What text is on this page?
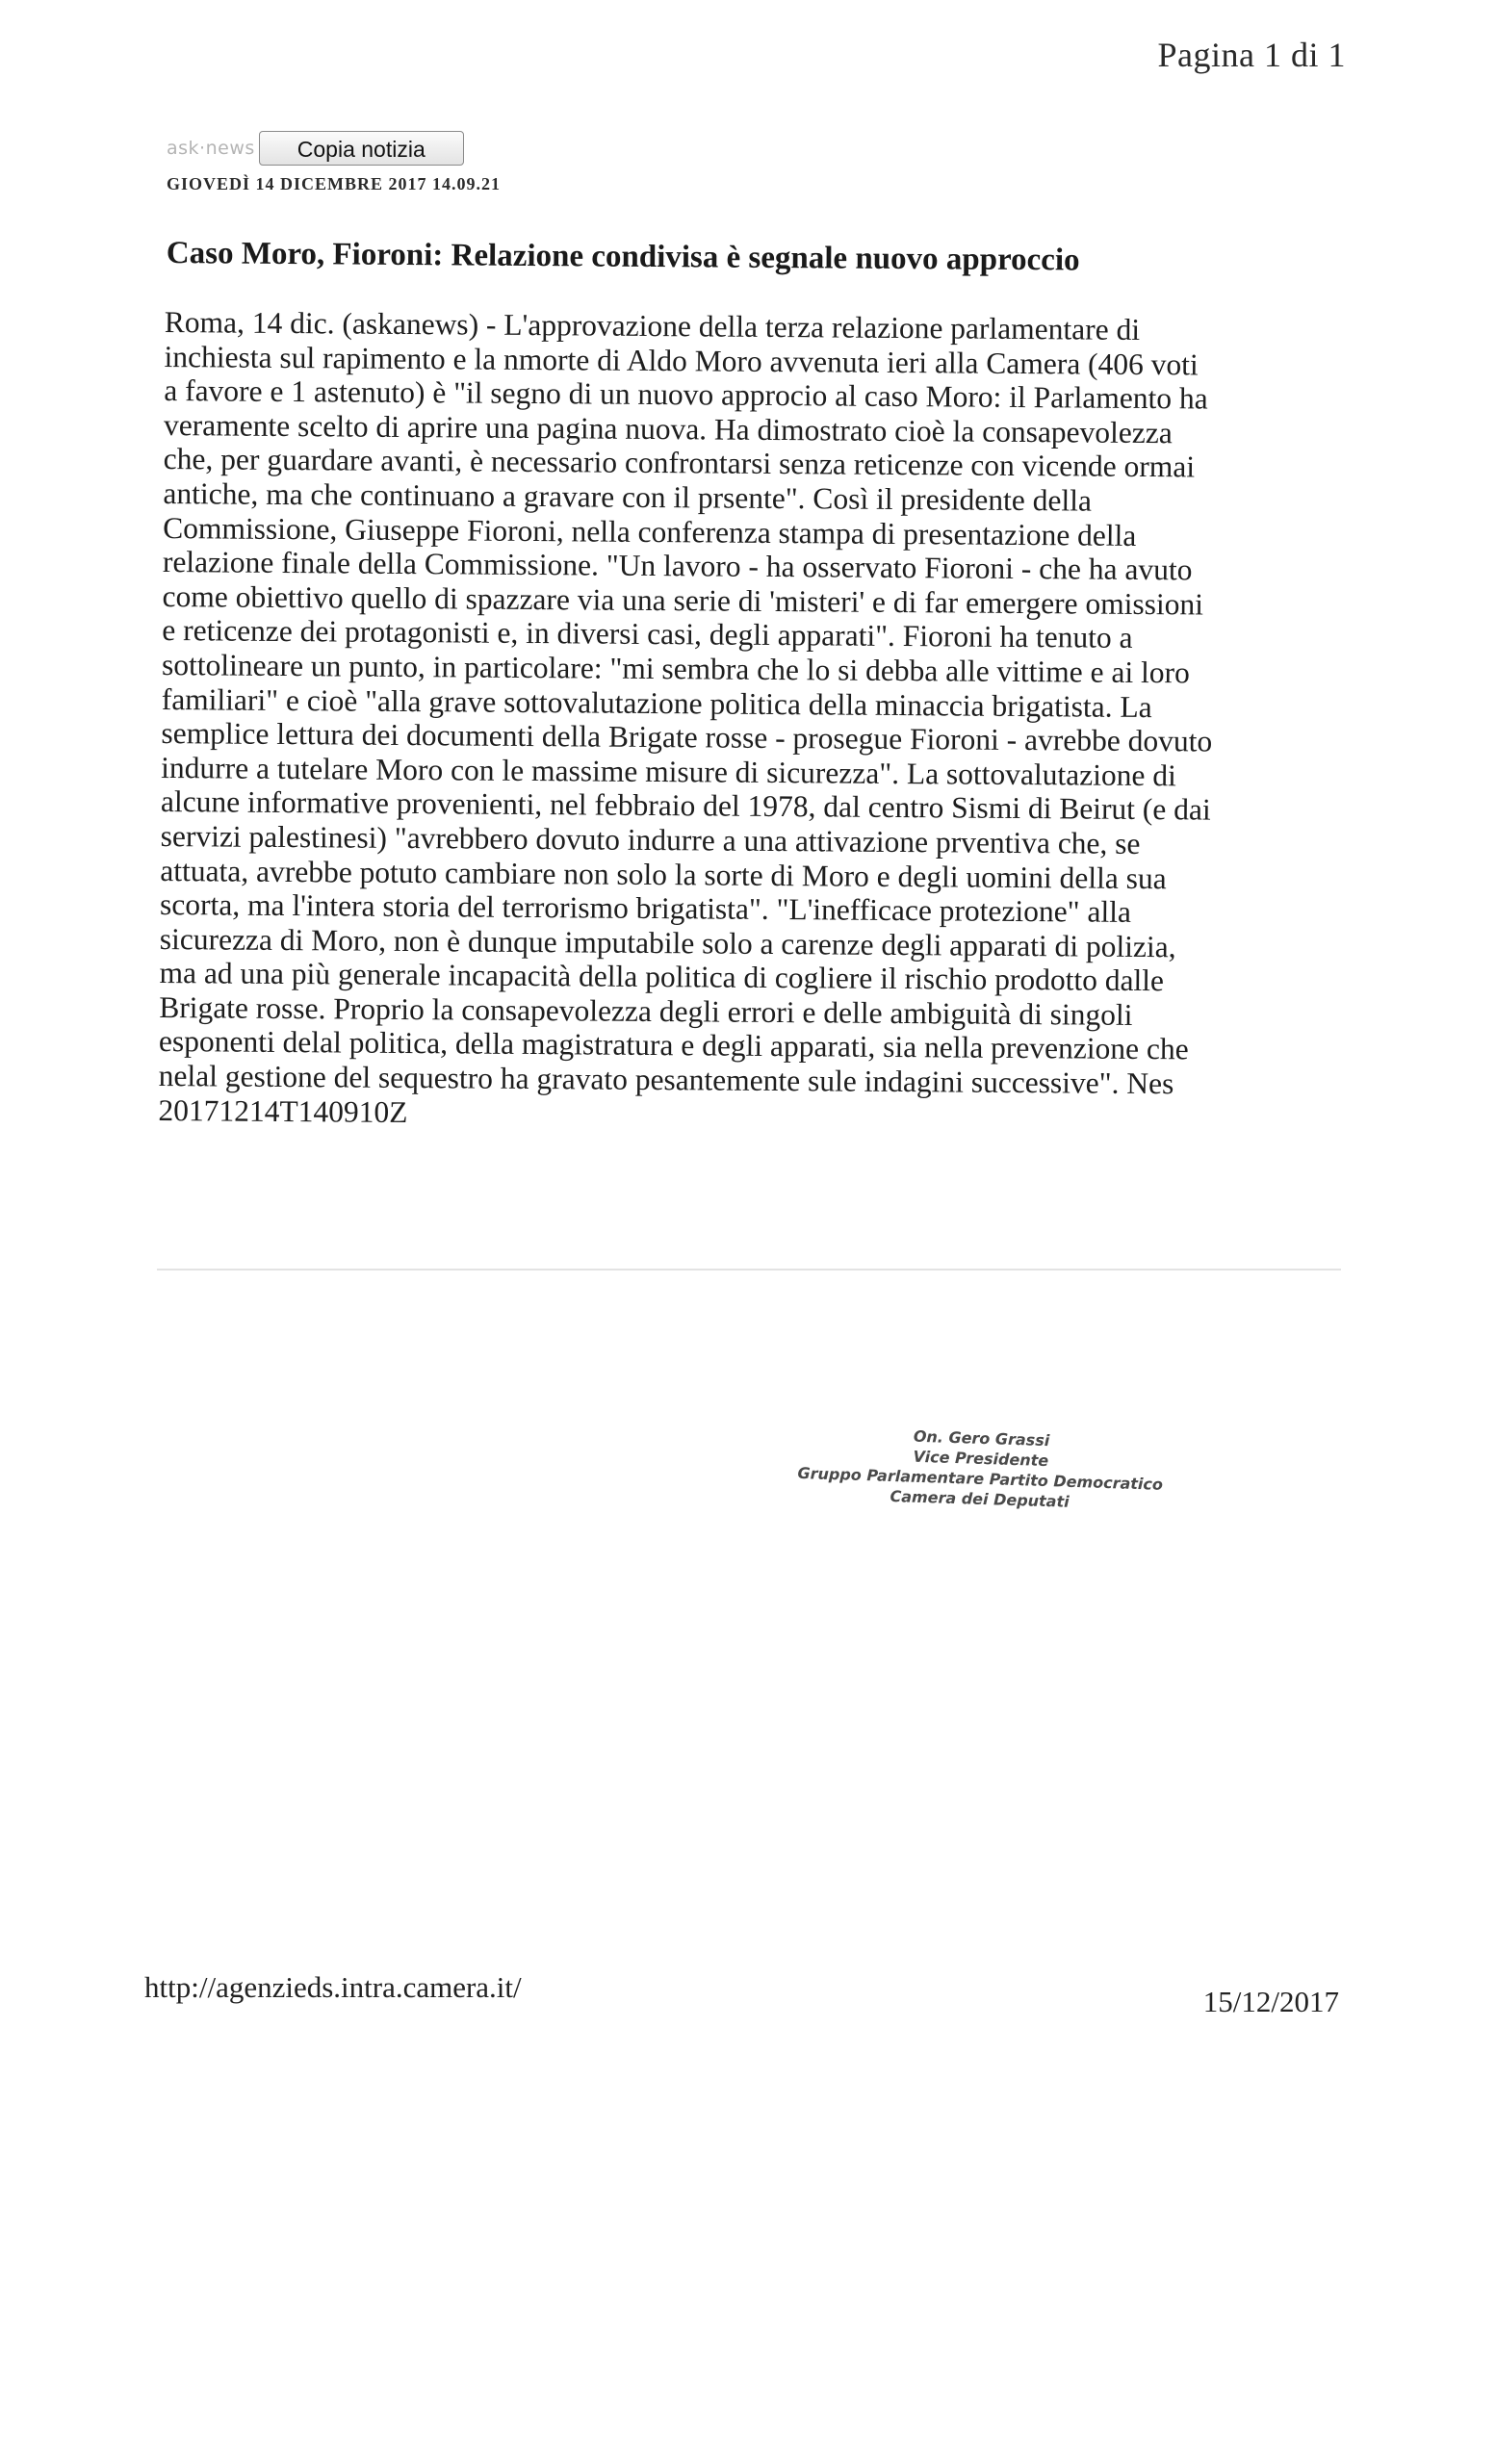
Pagina 1 di 1
ask·news	Copia notizia
GIOVEDÌ 14 DICEMBRE 2017 14.09.21
Caso Moro, Fioroni: Relazione condivisa è segnale nuovo approccio
Roma, 14 dic. (askanews) - L'approvazione della terza relazione parlamentare di
inchiesta sul rapimento e la nmorte di Aldo Moro avvenuta ieri alla Camera (406 voti
a favore e 1 astenuto) è "il segno di un nuovo approcio al caso Moro: il Parlamento ha
veramente scelto di aprire una pagina nuova. Ha dimostrato cioè la consapevolezza
che, per guardare avanti, è necessario confrontarsi senza reticenze con vicende ormai
antiche, ma che continuano a gravare con il prsente". Così il presidente della
Commissione, Giuseppe Fioroni, nella conferenza stampa di presentazione della
relazione finale della Commissione. "Un lavoro - ha osservato Fioroni - che ha avuto
come obiettivo quello di spazzare via una serie di 'misteri' e di far emergere omissioni
e reticenze dei protagonisti e, in diversi casi, degli apparati". Fioroni ha tenuto a
sottolineare un punto, in particolare: "mi sembra che lo si debba alle vittime e ai loro
familiari" e cioè "alla grave sottovalutazione politica della minaccia brigatista. La
semplice lettura dei documenti della Brigate rosse - prosegue Fioroni - avrebbe dovuto
indurre a tutelare Moro con le massime misure di sicurezza". La sottovalutazione di
alcune informative provenienti, nel febbraio del 1978, dal centro Sismi di Beirut (e dai
servizi palestinesi) "avrebbero dovuto indurre a una attivazione prventiva che, se
attuata, avrebbe potuto cambiare non solo la sorte di Moro e degli uomini della sua
scorta, ma l'intera storia del terrorismo brigatista". "L'inefficace protezione" alla
sicurezza di Moro, non è dunque imputabile solo a carenze degli apparati di polizia,
ma ad una più generale incapacità della politica di cogliere il rischio prodotto dalle
Brigate rosse. Proprio la consapevolezza degli errori e delle ambiguità di singoli
esponenti delal politica, della magistratura e degli apparati, sia nella prevenzione che
nelal gestione del sequestro ha gravato pesantemente sule indagini successive". Nes
20171214T140910Z
On. Gero Grassi
Vice Presidente
Gruppo Parlamentare Partito Democratico
Camera dei Deputati
http://agenzieds.intra.camera.it/	15/12/2017
